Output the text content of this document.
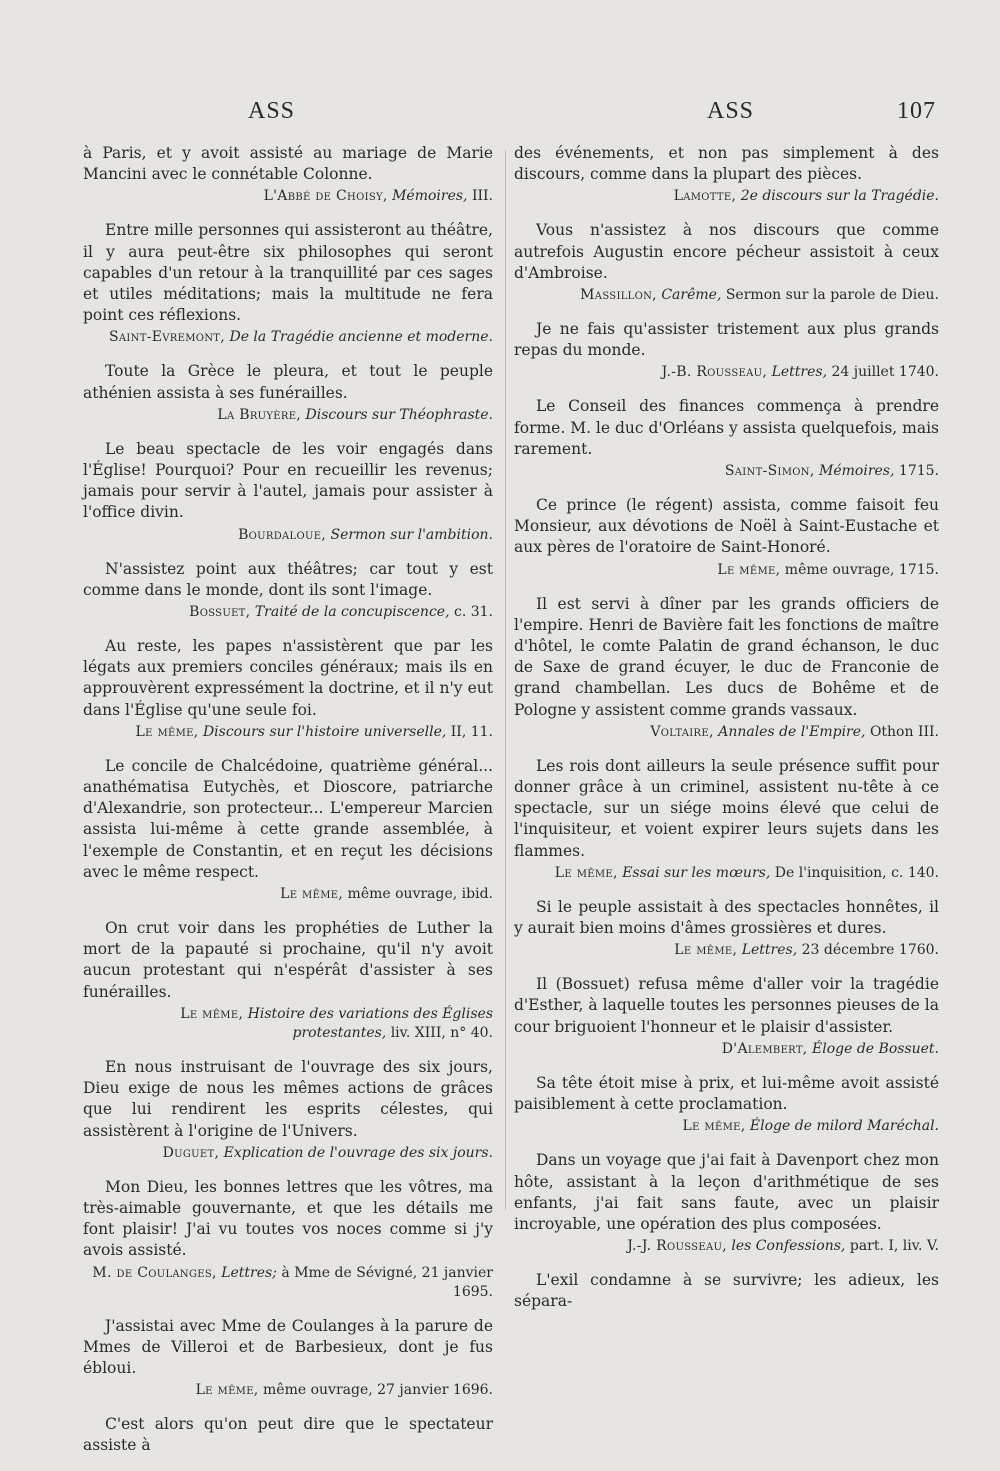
ASS	ASS	107

à Paris, et y avoit assisté au mariage de Marie Mancini avec le connétable Colonne.

L'Abbé de Choisy, Mémoires, III.

Entre mille personnes qui assisteront au théâtre, il y aura peut-être six philosophes qui seront capables d'un retour à la tranquillité par ces sages et utiles méditations; mais la multitude ne fera point ces réflexions.

Saint-Evremont, De la Tragédie ancienne et moderne.

Toute la Grèce le pleura, et tout le peuple athénien assista à ses funérailles.

La Bruyère, Discours sur Théophraste.

Le beau spectacle de les voir engagés dans l'Église! Pourquoi? Pour en recueillir les revenus; jamais pour servir à l'autel, jamais pour assister à l'office divin.

Bourdaloue, Sermon sur l'ambition.

N'assistez point aux théâtres; car tout y est comme dans le monde, dont ils sont l'image.

Bossuet, Traité de la concupiscence, c. 31.

Au reste, les papes n'assistèrent que par les légats aux premiers conciles généraux; mais ils en approuvèrent expressément la doctrine, et il n'y eut dans l'Église qu'une seule foi.

Le même, Discours sur l'histoire universelle, II, 11.

Le concile de Chalcédoine, quatrième général... anathématisa Eutychès, et Dioscore, patriarche d'Alexandrie, son protecteur... L'empereur Marcien assista lui-même à cette grande assemblée, à l'exemple de Constantin, et en reçut les décisions avec le même respect.

Le même, même ouvrage, ibid.

On crut voir dans les prophéties de Luther la mort de la papauté si prochaine, qu'il n'y avoit aucun protestant qui n'espérât d'assister à ses funérailles.

Le même, Histoire des variations des Églises protestantes, liv. XIII, n° 40.

En nous instruisant de l'ouvrage des six jours, Dieu exige de nous les mêmes actions de grâces que lui rendirent les esprits célestes, qui assistèrent à l'origine de l'Univers.

Duguet, Explication de l'ouvrage des six jours.

Mon Dieu, les bonnes lettres que les vôtres, ma très-aimable gouvernante, et que les détails me font plaisir! J'ai vu toutes vos noces comme si j'y avois assisté.

M. de Coulanges, Lettres; à Mme de Sévigné, 21 janvier 1695.

J'assistai avec Mme de Coulanges à la parure de Mmes de Villeroi et de Barbesieux, dont je fus ébloui.

Le même, même ouvrage, 27 janvier 1696.

C'est alors qu'on peut dire que le spectateur assiste à

des événements, et non pas simplement à des discours, comme dans la plupart des pièces.

Lamotte, 2e discours sur la Tragédie.

Vous n'assistez à nos discours que comme autrefois Augustin encore pécheur assistoit à ceux d'Ambroise.

Massillon, Carême, Sermon sur la parole de Dieu.

Je ne fais qu'assister tristement aux plus grands repas du monde.

J.-B. Rousseau, Lettres, 24 juillet 1740.

Le Conseil des finances commença à prendre forme. M. le duc d'Orléans y assista quelquefois, mais rarement.

Saint-Simon, Mémoires, 1715.

Ce prince (le régent) assista, comme faisoit feu Monsieur, aux dévotions de Noël à Saint-Eustache et aux pères de l'oratoire de Saint-Honoré.

Le même, même ouvrage, 1715.

Il est servi à dîner par les grands officiers de l'empire. Henri de Bavière fait les fonctions de maître d'hôtel, le comte Palatin de grand échanson, le duc de Saxe de grand écuyer, le duc de Franconie de grand chambellan. Les ducs de Bohême et de Pologne y assistent comme grands vassaux.

Voltaire, Annales de l'Empire, Othon III.

Les rois dont ailleurs la seule présence suffit pour donner grâce à un criminel, assistent nu-tête à ce spectacle, sur un siége moins élevé que celui de l'inquisiteur, et voient expirer leurs sujets dans les flammes.

Le même, Essai sur les mœurs, De l'inquisition, c. 140.

Si le peuple assistait à des spectacles honnêtes, il y aurait bien moins d'âmes grossières et dures.

Le même, Lettres, 23 décembre 1760.

Il (Bossuet) refusa même d'aller voir la tragédie d'Esther, à laquelle toutes les personnes pieuses de la cour briguoient l'honneur et le plaisir d'assister.

D'Alembert, Éloge de Bossuet.

Sa tête étoit mise à prix, et lui-même avoit assisté paisiblement à cette proclamation.

Le même, Éloge de milord Maréchal.

Dans un voyage que j'ai fait à Davenport chez mon hôte, assistant à la leçon d'arithmétique de ses enfants, j'ai fait sans faute, avec un plaisir incroyable, une opération des plus composées.

J.-J. Rousseau, les Confessions, part. I, liv. V.

L'exil condamne à se survivre; les adieux, les sépara-
